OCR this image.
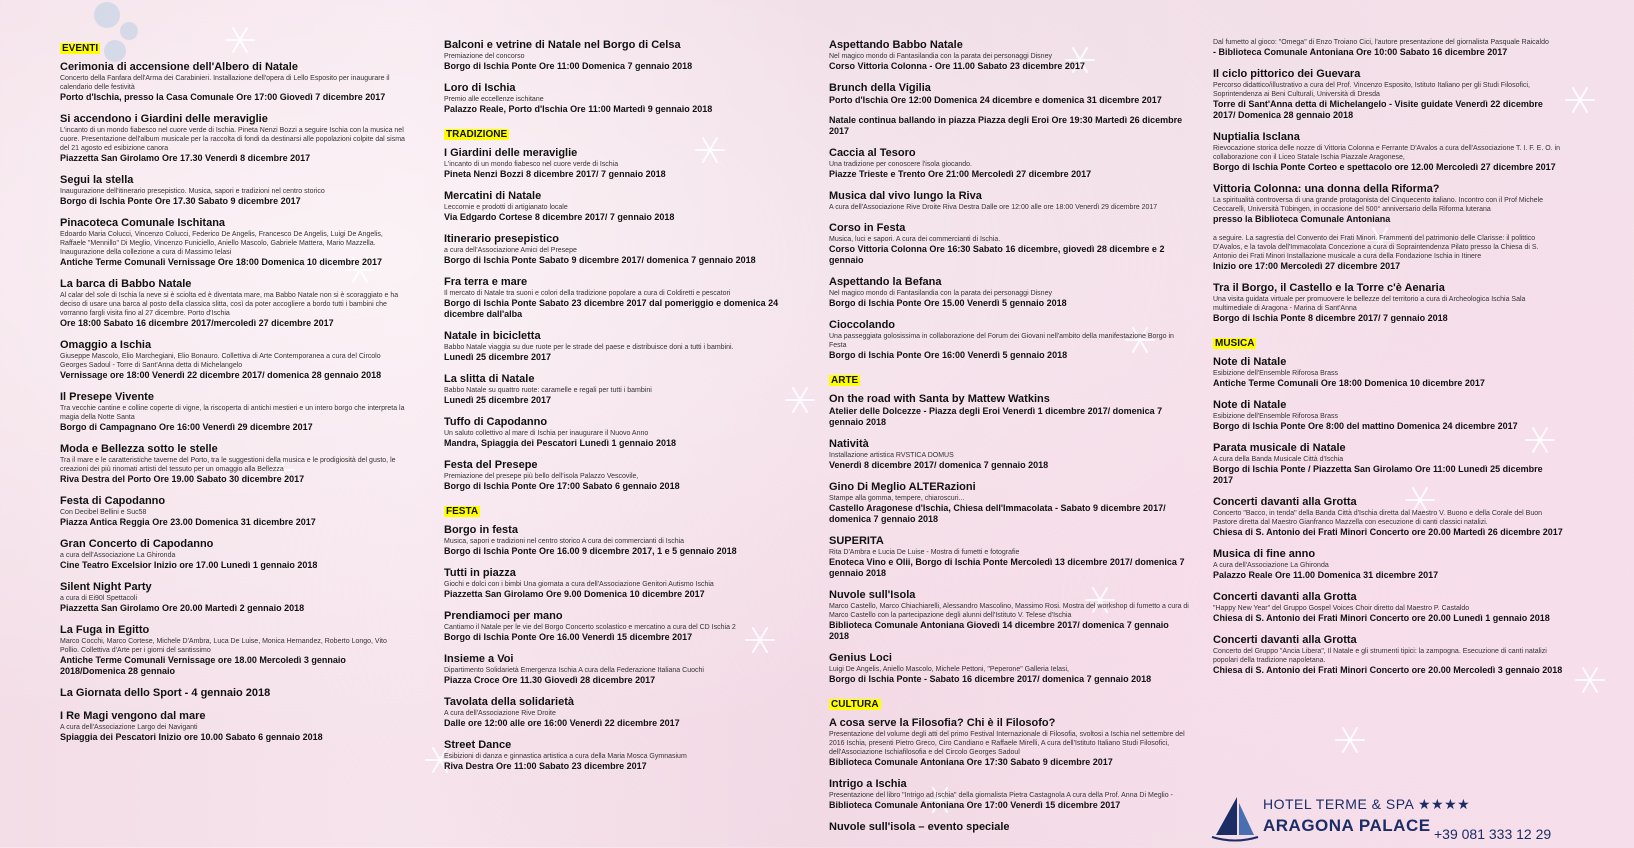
EVENTI
Cerimonia di accensione dell'Albero di Natale
Concerto della Fanfara dell'Arma dei Carabinieri. Installazione dell'opera di Lello Esposito per inaugurare il calendario delle festività
Porto d'Ischia, presso la Casa Comunale Ore 17:00 Giovedì 7 dicembre 2017
Si accendono i Giardini delle meraviglie
L'incanto di un mondo fiabesco nel cuore verde di Ischia. Pineta Nenzi Bozzi a seguire Ischia con la musica nel cuore. Presentazione dell'album musicale per la raccolta di fondi da destinarsi alle popolazioni colpite dal sisma del 21 agosto ed esibizione canora
Piazzetta San Girolamo Ore 17.30 Venerdì 8 dicembre 2017
Segui la stella
Inaugurazione dell'itinerario presepistico. Musica, sapori e tradizioni nel centro storico
Borgo di Ischia Ponte Ore 17.30 Sabato 9 dicembre 2017
Pinacoteca Comunale Ischitana
Edoardo Maria Colucci, Vincenzo Colucci, Federico De Angelis, Francesco De Angelis, Luigi De Angelis, Raffaele "Mennillo" Di Meglio, Vincenzo Funiciello, Aniello Mascolo, Gabriele Mattera, Mario Mazzella. Inaugurazione della collezione a cura di Massimo Ielasi
Antiche Terme Comunali Vernissage Ore 18:00 Domenica 10 dicembre 2017
La barca di Babbo Natale
Al calar del sole di Ischia la neve si è sciolta ed è diventata mare, ma Babbo Natale non si è scoraggiato e ha deciso di usare una barca al posto della classica slitta, così da poter accogliere a bordo tutti i bambini che vorranno fargli visita fino al 27 dicembre. Porto d'Ischia
Ore 18:00 Sabato 16 dicembre 2017/mercoledì 27 dicembre 2017
Omaggio a Ischia
Giuseppe Mascolo, Elio Marchegiani, Elio Bonauro. Collettiva di Arte Contemporanea a cura del Circolo Georges Sadoul - Torre di Sant'Anna detta di Michelangelo
Vernissage ore 18:00 Venerdì 22 dicembre 2017/ domenica 28 gennaio 2018
Il Presepe Vivente
Tra vecchie cantine e colline coperte di vigne, la riscoperta di antichi mestieri e un intero borgo che interpreta la magia della Notte Santa
Borgo di Campagnano Ore 16:00 Venerdì 29 dicembre 2017
Moda e Bellezza sotto le stelle
Tra il mare e le caratteristiche taverne del Porto, tra le suggestioni della musica e le prodigiosità del gusto, le creazioni dei più rinomati artisti del tessuto per un omaggio alla Bellezza
Riva Destra del Porto Ore 19.00 Sabato 30 dicembre 2017
Festa di Capodanno
Con Decibel Bellini e Suc58
Piazza Antica Reggia Ore 23.00 Domenica 31 dicembre 2017
Gran Concerto di Capodanno
a cura dell'Associazione La Ghironda
Cine Teatro Excelsior Inizio ore 17.00 Lunedì 1 gennaio 2018
Silent Night Party
a cura di Ei90l Spettacoli
Piazzetta San Girolamo Ore 20.00 Martedì 2 gennaio 2018
La Fuga in Egitto
Marco Cocchi, Marco Cortese, Michele D'Ambra, Luca De Luise, Monica Hernandez, Roberto Longo, Vito Pollio. Collettiva d'Arte per i giorni del santissimo
Antiche Terme Comunali Vernissage ore 18.00 Mercoledì 3 gennaio 2018/Domenica 28 gennaio
La Giornata dello Sport - 4 gennaio 2018
I Re Magi vengono dal mare
A cura dell'Associazione Largo dei Naviganti
Spiaggia dei Pescatori Inizio ore 10.00 Sabato 6 gennaio 2018
Balconi e vetrine di Natale nel Borgo di Celsa
Premiazione del concorso
Borgo di Ischia Ponte Ore 11:00 Domenica 7 gennaio 2018
Loro di Ischia
Premio alle eccellenze ischitane
Palazzo Reale, Porto d'Ischia Ore 11:00 Martedì 9 gennaio 2018
TRADIZIONE
I Giardini delle meraviglie
L'incanto di un mondo fiabesco nel cuore verde di Ischia
Pineta Nenzi Bozzi 8 dicembre 2017/ 7 gennaio 2018
Mercatini di Natale
Leccornie e prodotti di artigianato locale
Via Edgardo Cortese 8 dicembre 2017/ 7 gennaio 2018
Itinerario presepistico
a cura dell'Associazione Amici del Presepe
Borgo di Ischia Ponte Sabato 9 dicembre 2017/ domenica 7 gennaio 2018
Fra terra e mare
Il mercato di Natale tra suoni e colori della tradizione popolare a cura di Coldiretti e pescatori
Borgo di Ischia Ponte Sabato 23 dicembre 2017 dal pomeriggio e domenica 24 dicembre dall'alba
Natale in bicicletta
Babbo Natale viaggia su due ruote per le strade del paese e distribuisce doni a tutti i bambini.
Lunedì 25 dicembre 2017
La slitta di Natale
Babbo Natale su quattro ruote: caramelle e regali per tutti i bambini
Lunedì 25 dicembre 2017
Tuffo di Capodanno
Un saluto collettivo al mare di Ischia per inaugurare il Nuovo Anno
Mandra, Spiaggia dei Pescatori Lunedì 1 gennaio 2018
Festa del Presepe
Premiazione del presepe più bello dell'isola Palazzo Vescovile,
Borgo di Ischia Ponte Ore 17:00 Sabato 6 gennaio 2018
FESTA
Borgo in festa
Musica, sapori e tradizioni nel centro storico A cura dei commercianti di Ischia
Borgo di Ischia Ponte Ore 16.00 9 dicembre 2017, 1 e 5 gennaio 2018
Tutti in piazza
Giochi e dolci con i bimbi Una giornata a cura dell'Associazione Genitori Autismo Ischia
Piazzetta San Girolamo Ore 9.00 Domenica 10 dicembre 2017
Prendiamoci per mano
Cantiamo il Natale per le vie del Borgo Concerto scolastico e mercatino a cura del CD Ischia 2
Borgo di Ischia Ponte Ore 16.00 Venerdì 15 dicembre 2017
Insieme a Voi
Dipartimento Solidarietà Emergenza Ischia A cura della Federazione Italiana Cuochi
Piazza Croce Ore 11.30 Giovedì 28 dicembre 2017
Tavolata della solidarietà
A cura dell'Associazione Rive Droite
Dalle ore 12:00 alle ore 16:00 Venerdì 22 dicembre 2017
Street Dance
Esibizioni di danza e ginnastica artistica a cura della Maria Mosca Gymnasium
Riva Destra Ore 11:00 Sabato 23 dicembre 2017
Aspettando Babbo Natale
Nel magico mondo di Fantasilandia con la parata dei personaggi Disney
Corso Vittoria Colonna - Ore 11.00 Sabato 23 dicembre 2017
Brunch della Vigilia
Porto d'Ischia Ore 12:00 Domenica 24 dicembre e domenica 31 dicembre 2017
Natale continua ballando in piazza Piazza degli Eroi Ore 19:30 Martedì 26 dicembre 2017
Caccia al Tesoro
Una tradizione per conoscere l'isola giocando.
Piazze Trieste e Trento Ore 21:00 Mercoledì 27 dicembre 2017
Musica dal vivo lungo la Riva
A cura dell'Associazione Rive Droite Riva Destra Dalle ore 12:00 alle ore 18:00 Venerdì 29 dicembre 2017
Corso in Festa
Musica, luci e sapori. A cura dei commercianti di Ischia.
Corso Vittoria Colonna Ore 16:30 Sabato 16 dicembre, giovedì 28 dicembre e 2 gennaio
Aspettando la Befana
Nel magico mondo di Fantasilandia con la parata dei personaggi Disney
Borgo di Ischia Ponte Ore 15.00 Venerdì 5 gennaio 2018
Cioccolando
Una passeggiata golosissima in collaborazione del Forum dei Giovani nell'ambito della manifestazione Borgo in Festa
Borgo di Ischia Ponte Ore 16:00 Venerdì 5 gennaio 2018
ARTE
On the road with Santa by Mattew Watkins
Atelier delle Dolcezze - Piazza degli Eroi Venerdì 1 dicembre 2017/ domenica 7 gennaio 2018
Natività
Installazione artistica RVSTICA DOMUS
Venerdì 8 dicembre 2017/ domenica 7 gennaio 2018
Gino Di Meglio ALTERazioni
Stampe alla gomma, tempere, chiaroscuri...
Castello Aragonese d'Ischia, Chiesa dell'Immacolata - Sabato 9 dicembre 2017/ domenica 7 gennaio 2018
SUPERITA
Rita D'Ambra e Lucia De Luise - Mostra di fumetti e fotografie
Enoteca Vino e Olii, Borgo di Ischia Ponte Mercoledì 13 dicembre 2017/ domenica 7 gennaio 2018
Nuvole sull'Isola
Marco Castello, Marco Chiachiarelli, Alessandro Mascolino, Massimo Rosi. Mostra del workshop di fumetto a cura di Marco Castello con la partecipazione degli alunni dell'Istituto V. Telese d'Ischia
Biblioteca Comunale Antoniana Giovedì 14 dicembre 2017/ domenica 7 gennaio 2018
Genius Loci
Luigi De Angelis, Aniello Mascolo, Michele Pettoni, "Peperone" Galleria Ielasi,
Borgo di Ischia Ponte - Sabato 16 dicembre 2017/ domenica 7 gennaio 2018
CULTURA
A cosa serve la Filosofia? Chi è il Filosofo?
Presentazione del volume degli atti del primo Festival Internazionale di Filosofia, svoltosi a Ischia nel settembre del 2016 Ischia, presenti Pietro Greco, Ciro Candiano e Raffaele Mirelli, A cura dell'Istituto Italiano Studi Filosofici, dell'Associazione Ischiafilosofia e del Circolo Georges Sadoul
Biblioteca Comunale Antoniana Ore 17:30 Sabato 9 dicembre 2017
Intrigo a Ischia
Presentazione del libro "Intrigo ad Ischia" della giornalista Pietra Castagnola A cura della Prof. Anna Di Meglio -
Biblioteca Comunale Antoniana Ore 17:00 Venerdì 15 dicembre 2017
Nuvole sull'isola – evento speciale
Dal fumetto al gioco: "Omega" di Enzo Troiano Cici, l'autore presentazione del giornalista Pasquale Raicaldo
- Biblioteca Comunale Antoniana Ore 10:00 Sabato 16 dicembre 2017
Il ciclo pittorico dei Guevara
Percorso didattico/illustrativo a cura del Prof. Vincenzo Esposito, Istituto Italiano per gli Studi Filosofici, Soprintendenza ai Beni Culturali, Università di Dresda
Torre di Sant'Anna detta di Michelangelo - Visite guidate Venerdì 22 dicembre 2017/ Domenica 28 gennaio 2018
Nuptialia Isclana
Rievocazione storica delle nozze di Vittoria Colonna e Ferrante D'Avalos a cura dell'Associazione T. I. F. E. O. in collaborazione con il Liceo Statale Ischia Piazzale Aragonese,
Borgo di Ischia Ponte Corteo e spettacolo ore 12.00 Mercoledì 27 dicembre 2017
Vittoria Colonna: una donna della Riforma?
La spiritualità controversa di una grande protagonista del Cinquecento italiano. Incontro con il Prof Michele Ceccarelli, Università Tübingen, in occasione del 500° anniversario della Riforma luterana
presso la Biblioteca Comunale Antoniana
a seguire. La sagrestia del Convento dei Frati Minori. Frammenti del patrimonio delle Clarisse: il polittico D'Avalos, e la tavola dell'Immacolata Concezione a cura di Sopraintendenza Pilato presso la Chiesa di S. Antonio dei Frati Minori Installazione musicale a cura della Fondazione Ischia in Itinere
Inizio ore 17:00 Mercoledì 27 dicembre 2017
Tra il Borgo, il Castello e la Torre c'è Aenaria
Una visita guidata virtuale per promuovere le bellezze del territorio a cura di Archeologica Ischia Sala multimediale di Aragona - Marina di Sant'Anna
Borgo di Ischia Ponte 8 dicembre 2017/ 7 gennaio 2018
MUSICA
Note di Natale
Esibizione dell'Ensemble Riforosa Brass
Antiche Terme Comunali Ore 18:00 Domenica 10 dicembre 2017
Note di Natale
Esibizione dell'Ensemble Riforosa Brass
Borgo di Ischia Ponte Ore 8:00 del mattino Domenica 24 dicembre 2017
Parata musicale di Natale
A cura della Banda Musicale Città d'Ischia
Borgo di Ischia Ponte / Piazzetta San Girolamo Ore 11:00 Lunedì 25 dicembre 2017
Concerti davanti alla Grotta
Concerto "Bacco, in tenda" della Banda Città d'Ischia diretta dal Maestro V. Buono e della Corale del Buon Pastore diretta dal Maestro Gianfranco Mazzella con esecuzione di canti classici natalizi.
Chiesa di S. Antonio dei Frati Minori Concerto ore 20.00 Martedì 26 dicembre 2017
Musica di fine anno
A cura dell'Associazione La Ghironda
Palazzo Reale Ore 11.00 Domenica 31 dicembre 2017
Concerti davanti alla Grotta
"Happy New Year" del Gruppo Gospel Voices Choir diretto dal Maestro P. Castaldo
Chiesa di S. Antonio dei Frati Minori Concerto ore 20.00 Lunedì 1 gennaio 2018
Concerti davanti alla Grotta
Concerto del Gruppo "Ancia Libera", Il Natale e gli strumenti tipici: la zampogna. Esecuzione di canti natalizi popolari della tradizione napoletana.
Chiesa di S. Antonio dei Frati Minori Concerto ore 20.00 Mercoledì 3 gennaio 2018
HOTEL TERME & SPA ★★★★
ARAGONA PALACE +39 081 333 12 29
